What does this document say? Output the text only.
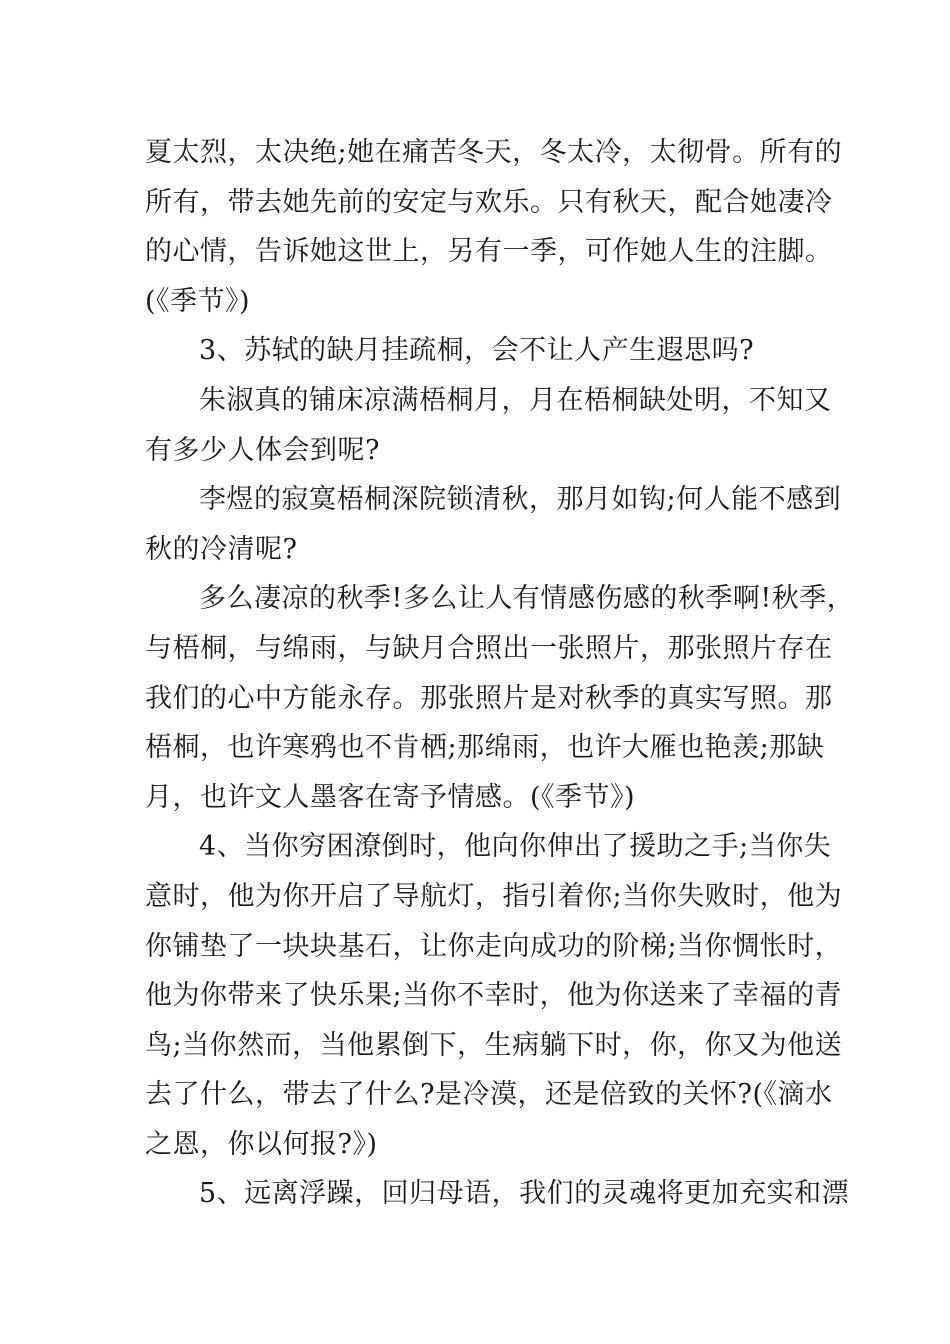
夏太烈，太决绝;她在痛苦冬天，冬太冷，太彻骨。所有的
所有，带去她先前的安定与欢乐。只有秋天，配合她凄冷
的心情，告诉她这世上，另有一季，可作她人生的注脚。
(《季节》)
3、苏轼的缺月挂疏桐，会不让人产生遐思吗?
朱淑真的铺床凉满梧桐月，月在梧桐缺处明，不知又
有多少人体会到呢?
李煜的寂寞梧桐深院锁清秋，那月如钩;何人能不感到
秋的冷清呢?
多么凄凉的秋季!多么让人有情感伤感的秋季啊!秋季，
与梧桐，与绵雨，与缺月合照出一张照片，那张照片存在
我们的心中方能永存。那张照片是对秋季的真实写照。那
梧桐，也许寒鸦也不肯栖;那绵雨，也许大雁也艳羡;那缺
月，也许文人墨客在寄予情感。(《季节》)
4、当你穷困潦倒时，他向你伸出了援助之手;当你失
意时，他为你开启了导航灯，指引着你;当你失败时，他为
你铺垫了一块块基石，让你走向成功的阶梯;当你惆怅时，
他为你带来了快乐果;当你不幸时，他为你送来了幸福的青
鸟;当你然而，当他累倒下，生病躺下时，你，你又为他送
去了什么，带去了什么?是冷漠，还是倍致的关怀?(《滴水
之恩，你以何报?》)
5、远离浮躁，回归母语，我们的灵魂将更加充实和漂
